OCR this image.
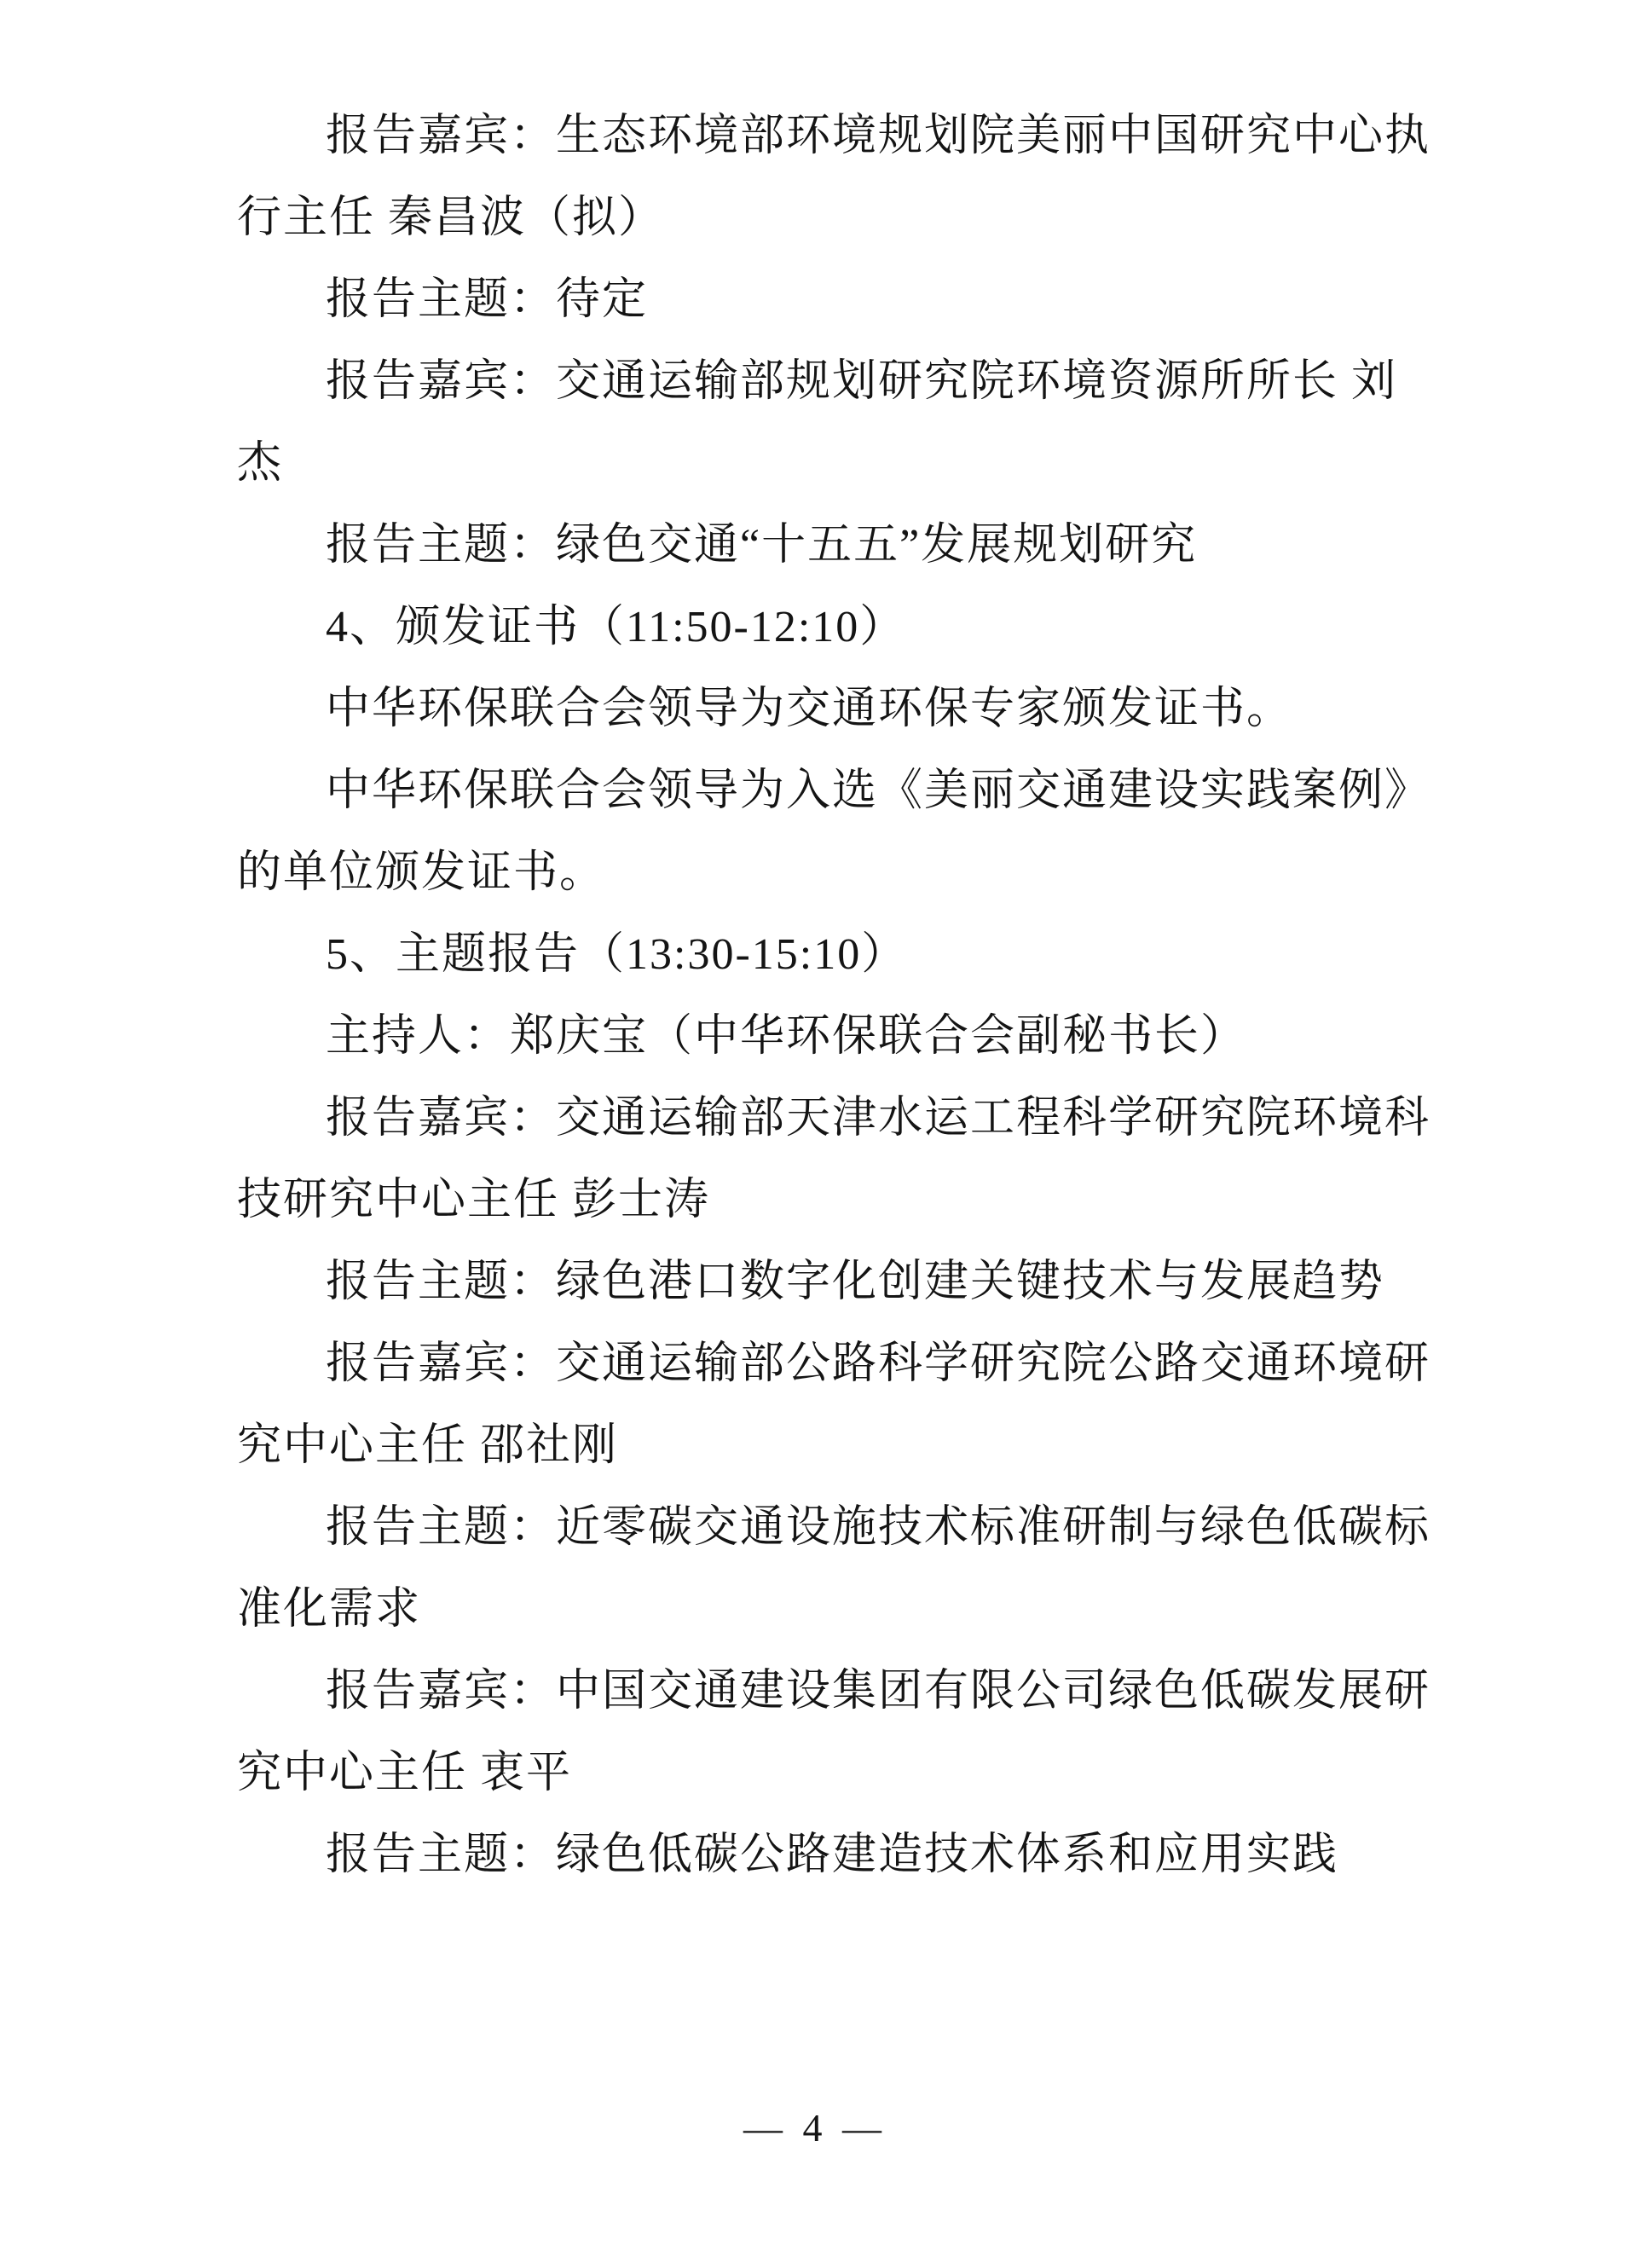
报告嘉宾：生态环境部环境规划院美丽中国研究中心执
行主任 秦昌波（拟）
报告主题：待定
报告嘉宾：交通运输部规划研究院环境资源所所长 刘
杰
报告主题：绿色交通“十五五”发展规划研究
4、颁发证书（11:50-12:10）
中华环保联合会领导为交通环保专家颁发证书。
中华环保联合会领导为入选《美丽交通建设实践案例》
的单位颁发证书。
5、主题报告（13:30-15:10）
主持人：郑庆宝（中华环保联合会副秘书长）
报告嘉宾：交通运输部天津水运工程科学研究院环境科
技研究中心主任 彭士涛
报告主题：绿色港口数字化创建关键技术与发展趋势
报告嘉宾：交通运输部公路科学研究院公路交通环境研
究中心主任 邵社刚
报告主题：近零碳交通设施技术标准研制与绿色低碳标
准化需求
报告嘉宾：中国交通建设集团有限公司绿色低碳发展研
究中心主任 衷平
报告主题：绿色低碳公路建造技术体系和应用实践
— 4 —
